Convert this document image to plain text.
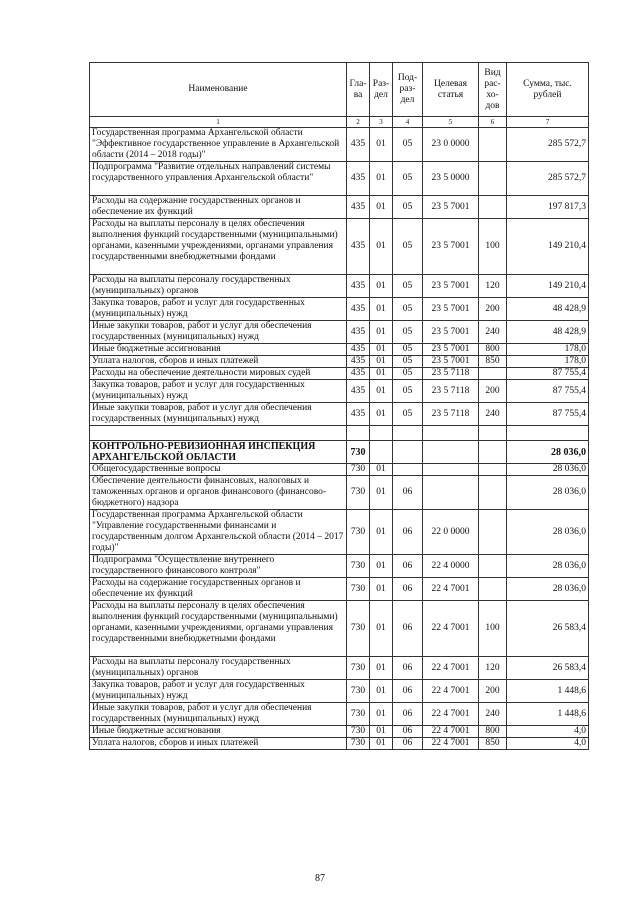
Наименование	Гла- ва	Раз- дел	Под- раз- дел	Целевая статья	Вид рас- хо- дов	Сумма, тыс. рублей
1	2	3	4	5	6	7
Государственная программа Архангельской области "Эффективное государственное управление в Архангельской области (2014 – 2018 годы)"	435	01	05	23 0 0000		285 572,7
Подпрограмма "Развитие отдельных направлений системы государственного управления Архангельской области"	435	01	05	23 5 0000		285 572,7
Расходы на содержание государственных органов и обеспечение их функций	435	01	05	23 5 7001		197 817,3
Расходы на выплаты персоналу в целях обеспечения выполнения функций государственными (муниципальными) органами, казенными учреждениями, органами управления государственными внебюджетными фондами	435	01	05	23 5 7001	100	149 210,4
Расходы на выплаты персоналу государственных (муниципальных) органов	435	01	05	23 5 7001	120	149 210,4
Закупка товаров, работ и услуг для государственных (муниципальных) нужд	435	01	05	23 5 7001	200	48 428,9
Иные закупки товаров, работ и услуг для обеспечения государственных (муниципальных) нужд	435	01	05	23 5 7001	240	48 428,9
Иные бюджетные ассигнования	435	01	05	23 5 7001	800	178,0
Уплата налогов, сборов и иных платежей	435	01	05	23 5 7001	850	178,0
Расходы на обеспечение деятельности мировых судей	435	01	05	23 5 7118		87 755,4
Закупка товаров, работ и услуг для государственных (муниципальных) нужд	435	01	05	23 5 7118	200	87 755,4
Иные закупки товаров, работ и услуг для обеспечения государственных (муниципальных) нужд	435	01	05	23 5 7118	240	87 755,4

КОНТРОЛЬНО-РЕВИЗИОННАЯ ИНСПЕКЦИЯ АРХАНГЕЛЬСКОЙ ОБЛАСТИ	730					28 036,0
Общегосударственные вопросы	730	01				28 036,0
Обеспечение деятельности финансовых, налоговых и таможенных органов и органов финансового (финансово-бюджетного) надзора	730	01	06			28 036,0
Государственная программа Архангельской области "Управление государственными финансами и государственным долгом Архангельской области (2014 – 2017 годы)"	730	01	06	22 0 0000		28 036,0
Подпрограмма "Осуществление внутреннего государственного финансового контроля"	730	01	06	22 4 0000		28 036,0
Расходы на содержание государственных органов и обеспечение их функций	730	01	06	22 4 7001		28 036,0
Расходы на выплаты персоналу в целях обеспечения выполнения функций государственными (муниципальными) органами, казенными учреждениями, органами управления государственными внебюджетными фондами	730	01	06	22 4 7001	100	26 583,4
Расходы на выплаты персоналу государственных (муниципальных) органов	730	01	06	22 4 7001	120	26 583,4
Закупка товаров, работ и услуг для государственных (муниципальных) нужд	730	01	06	22 4 7001	200	1 448,6
Иные закупки товаров, работ и услуг для обеспечения государственных (муниципальных) нужд	730	01	06	22 4 7001	240	1 448,6
Иные бюджетные ассигнования	730	01	06	22 4 7001	800	4,0
Уплата налогов, сборов и иных платежей	730	01	06	22 4 7001	850	4,0
87
